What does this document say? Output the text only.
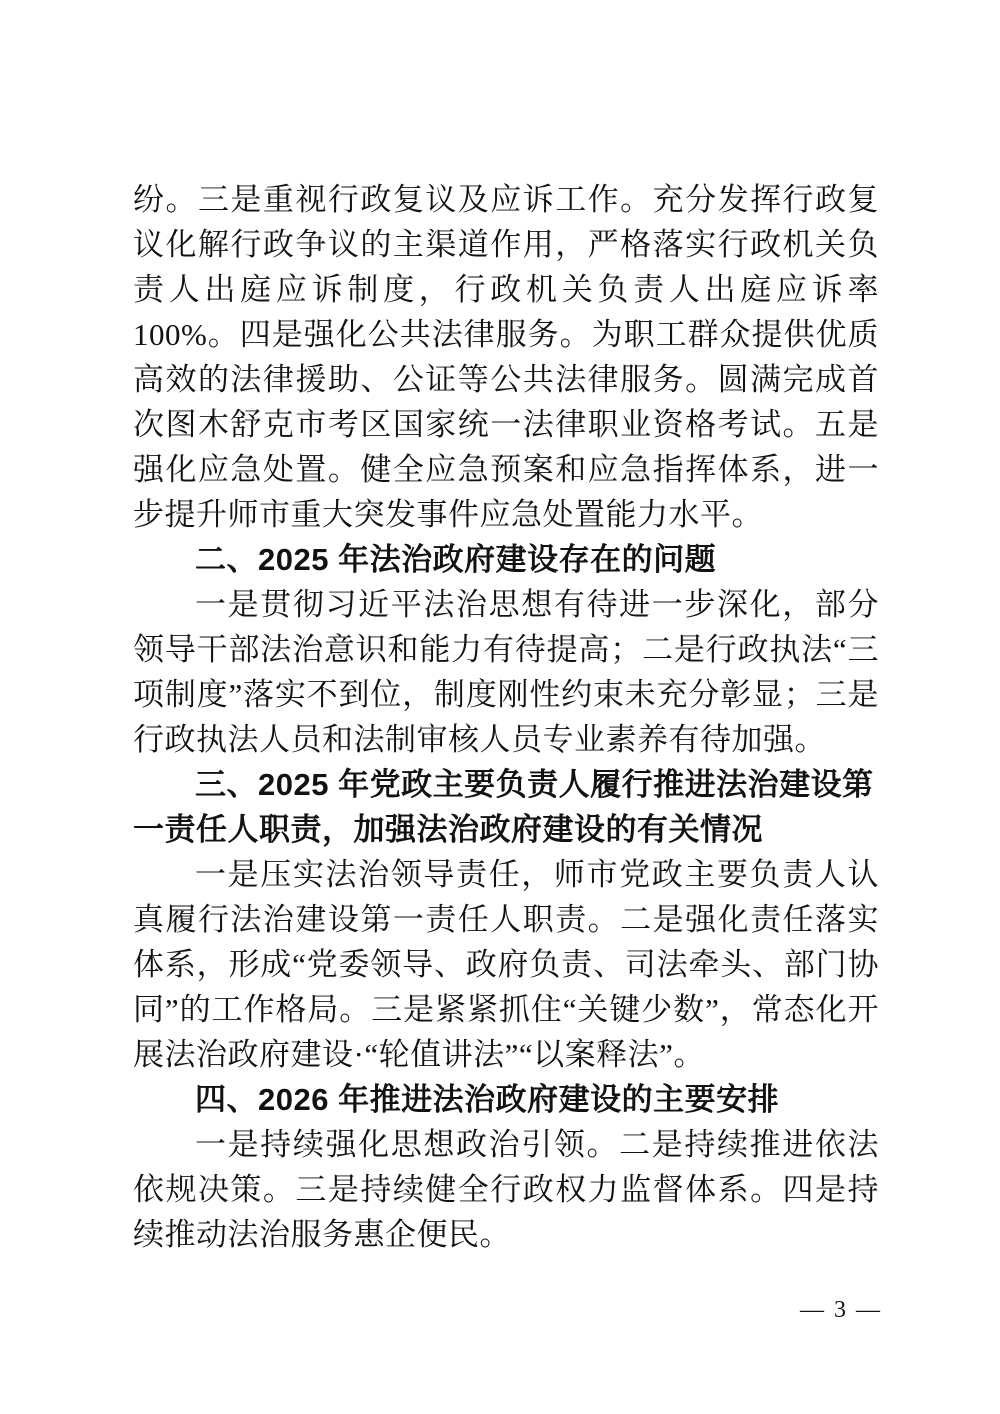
纷。三是重视行政复议及应诉工作。充分发挥行政复议化解行政争议的主渠道作用，严格落实行政机关负责人出庭应诉制度，行政机关负责人出庭应诉率 100%。四是强化公共法律服务。为职工群众提供优质高效的法律援助、公证等公共法律服务。圆满完成首次图木舒克市考区国家统一法律职业资格考试。五是强化应急处置。健全应急预案和应急指挥体系，进一步提升师市重大突发事件应急处置能力水平。

二、2025 年法治政府建设存在的问题

一是贯彻习近平法治思想有待进一步深化，部分领导干部法治意识和能力有待提高；二是行政执法“三项制度”落实不到位，制度刚性约束未充分彰显；三是行政执法人员和法制审核人员专业素养有待加强。

三、2025 年党政主要负责人履行推进法治建设第一责任人职责，加强法治政府建设的有关情况

一是压实法治领导责任，师市党政主要负责人认真履行法治建设第一责任人职责。二是强化责任落实体系，形成“党委领导、政府负责、司法牵头、部门协同”的工作格局。三是紧紧抓住“关键少数”，常态化开展法治政府建设·“轮值讲法”“以案释法”。

四、2026 年推进法治政府建设的主要安排

一是持续强化思想政治引领。二是持续推进依法依规决策。三是持续健全行政权力监督体系。四是持续推动法治服务惠企便民。

— 3 —
